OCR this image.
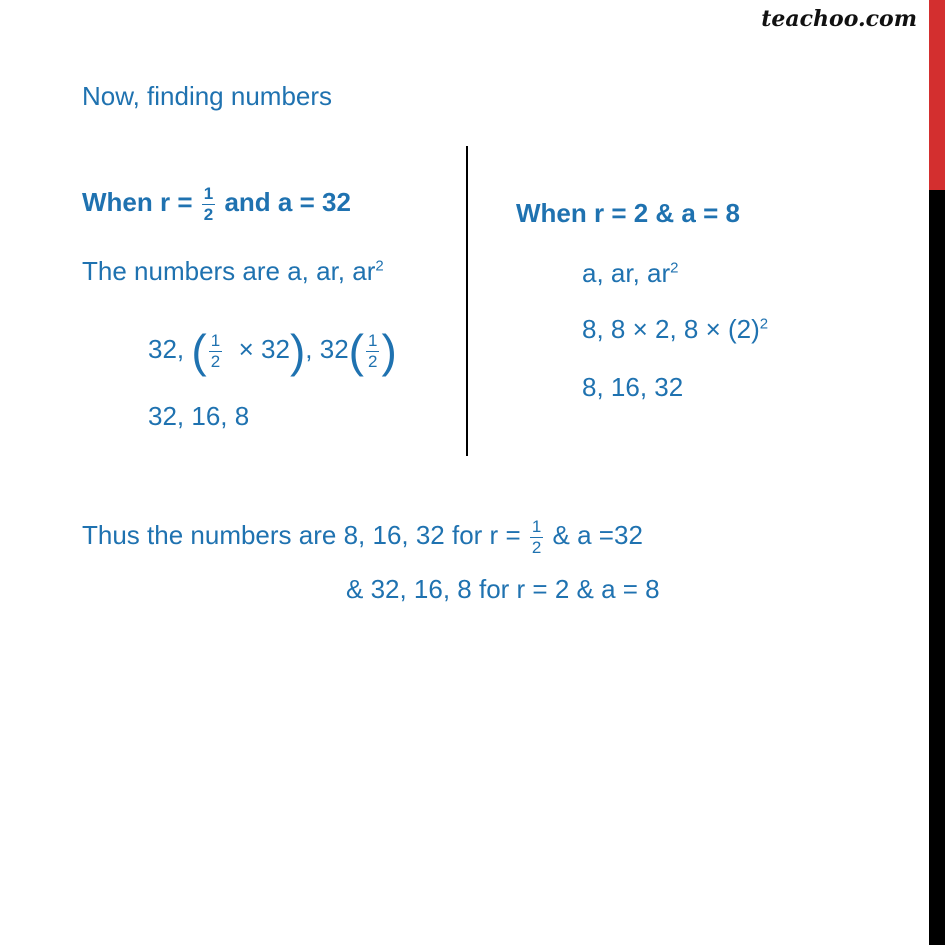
teachoo.com
Now, finding numbers
When $r = \frac{1}{2}$ and a = 32
The numbers are a, ar, $ar^2$
32, ( $\frac{1}{2} \times 32$), $32( \frac{1}{2}$ )
32, 16, 8
When r = 2 & a = 8
a, ar, $ar^2$
8, 8 × 2, $8 \times (2)^2$
8, 16, 32
Thus the numbers are 8, 16, 32 for $r = \frac{1}{2}$ & a =32
& 32, 16, 8 for r = 2 & a = 8
